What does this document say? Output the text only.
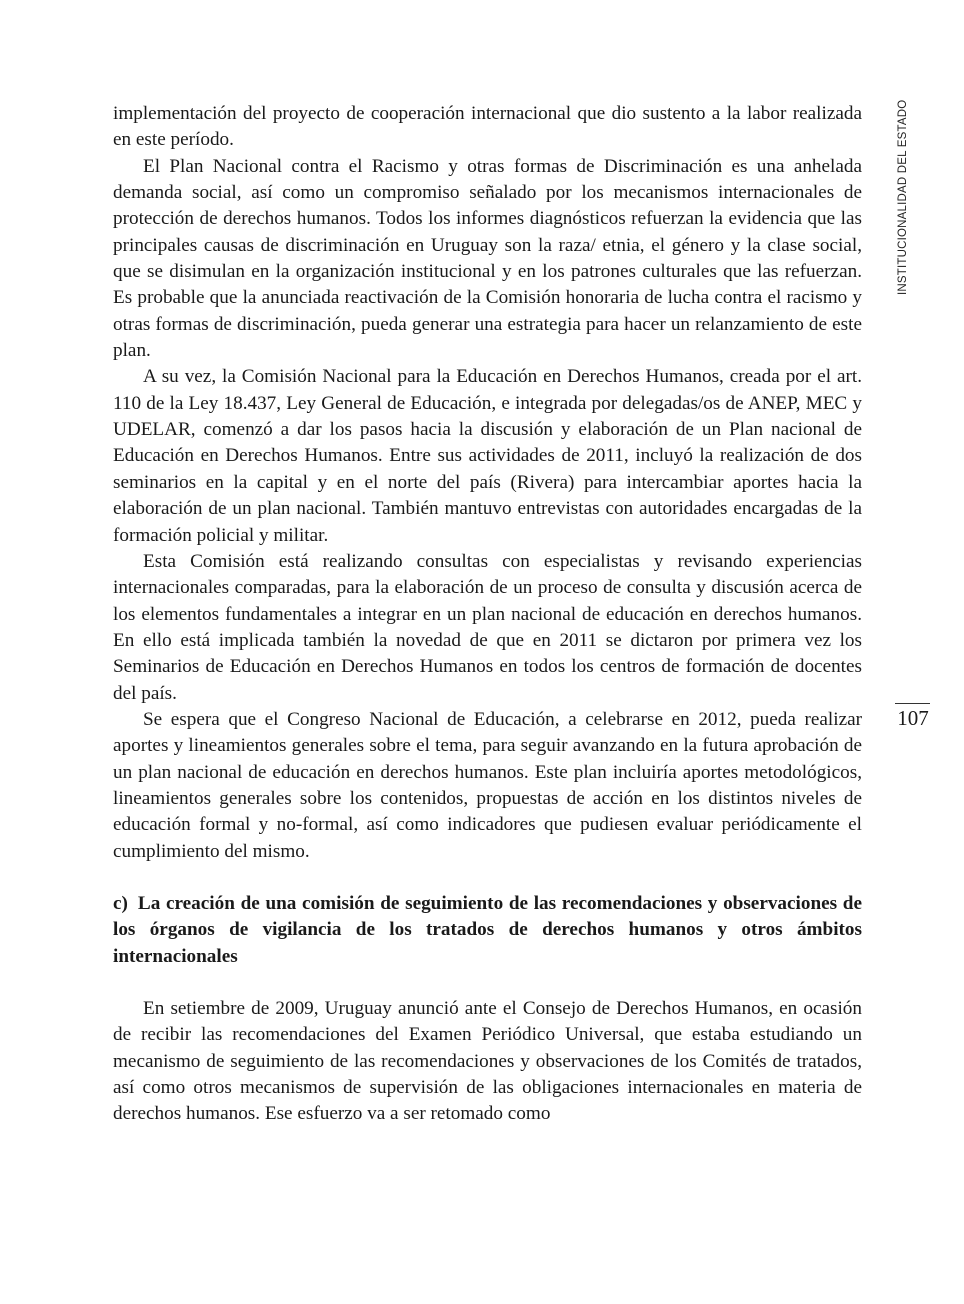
INSTITUCIONALIDAD DEL ESTADO
107

implementación del proyecto de cooperación internacional que dio sustento a la labor realizada en este período.

El Plan Nacional contra el Racismo y otras formas de Discriminación es una anhelada demanda social, así como un compromiso señalado por los mecanismos internacionales de protección de derechos humanos. Todos los informes diagnósticos refuerzan la evidencia que las principales causas de discriminación en Uruguay son la raza/ etnia, el género y la clase social, que se disimulan en la organización institucional y en los patrones culturales que las refuerzan. Es probable que la anunciada reactivación de la Comisión honoraria de lucha contra el racismo y otras formas de discriminación, pueda generar una estrategia para hacer un relanzamiento de este plan.

A su vez, la Comisión Nacional para la Educación en Derechos Humanos, creada por el art. 110 de la Ley 18.437, Ley General de Educación, e integrada por delegadas/os de ANEP, MEC y UDELAR, comenzó a dar los pasos hacia la discusión y elaboración de un Plan nacional de Educación en Derechos Humanos. Entre sus actividades de 2011, incluyó la realización de dos seminarios en la capital y en el norte del país (Rivera) para intercambiar aportes hacia la elaboración de un plan nacional. También mantuvo entrevistas con autoridades encargadas de la formación policial y militar.

Esta Comisión está realizando consultas con especialistas y revisando experiencias internacionales comparadas, para la elaboración de un proceso de consulta y discusión acerca de los elementos fundamentales a integrar en un plan nacional de educación en derechos humanos. En ello está implicada también la novedad de que en 2011 se dictaron por primera vez los Seminarios de Educación en Derechos Humanos en todos los centros de formación de docentes del país.

Se espera que el Congreso Nacional de Educación, a celebrarse en 2012, pueda realizar aportes y lineamientos generales sobre el tema, para seguir avanzando en la futura aprobación de un plan nacional de educación en derechos humanos. Este plan incluiría aportes metodológicos, lineamientos generales sobre los contenidos, propuestas de acción en los distintos niveles de educación formal y no-formal, así como indicadores que pudiesen evaluar periódicamente el cumplimiento del mismo.

c) La creación de una comisión de seguimiento de las recomendaciones y observaciones de los órganos de vigilancia de los tratados de derechos humanos y otros ámbitos internacionales

En setiembre de 2009, Uruguay anunció ante el Consejo de Derechos Humanos, en ocasión de recibir las recomendaciones del Examen Periódico Universal, que estaba estudiando un mecanismo de seguimiento de las recomendaciones y observaciones de los Comités de tratados, así como otros mecanismos de supervisión de las obligaciones internacionales en materia de derechos humanos. Ese esfuerzo va a ser retomado como
